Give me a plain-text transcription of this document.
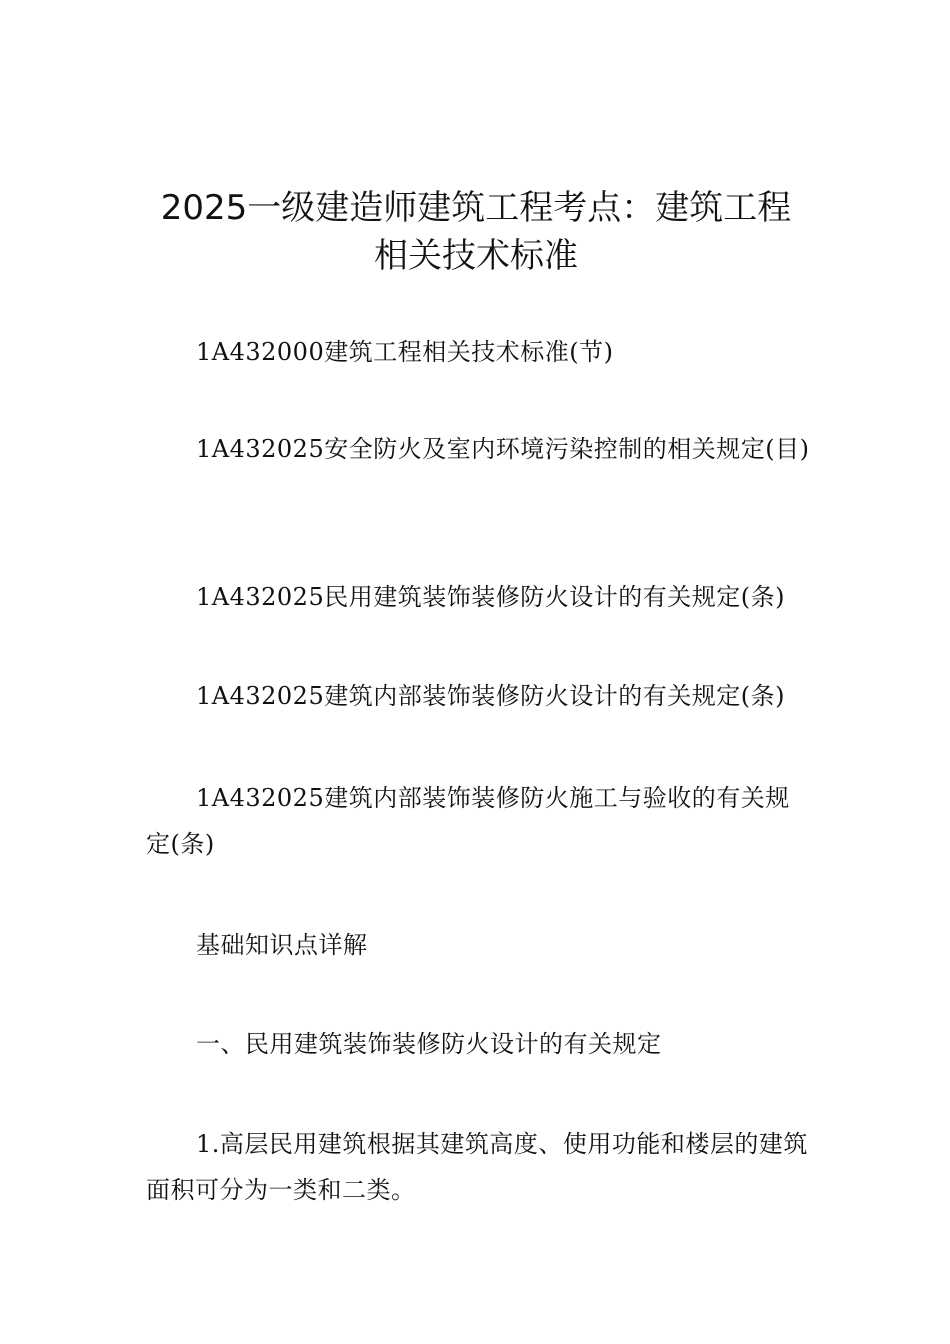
2025一级建造师建筑工程考点：建筑工程
相关技术标准

1A432000建筑工程相关技术标准(节)

1A432025安全防火及室内环境污染控制的相关规定(目)

1A432025民用建筑装饰装修防火设计的有关规定(条)

1A432025建筑内部装饰装修防火设计的有关规定(条)

1A432025建筑内部装饰装修防火施工与验收的有关规定(条)

基础知识点详解

一、民用建筑装饰装修防火设计的有关规定

1.高层民用建筑根据其建筑高度、使用功能和楼层的建筑面积可分为一类和二类。
